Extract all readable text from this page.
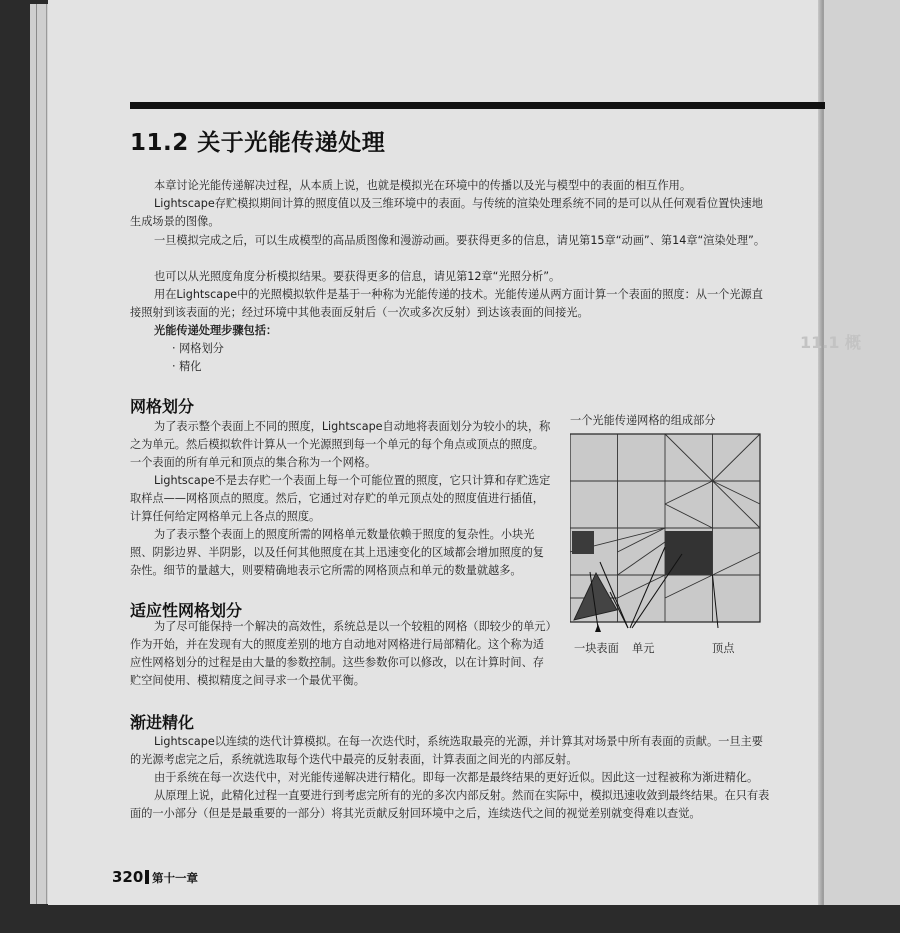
11.1 概
11.2 关于光能传递处理

本章讨论光能传递解决过程，从本质上说，也就是模拟光在环境中的传播以及光与模型中的表面的相互作用。

Lightscape存贮模拟期间计算的照度值以及三维环境中的表面。与传统的渲染处理系统不同的是可以从任何观看位置快速地生成场景的图像。

一旦模拟完成之后，可以生成模型的高品质图像和漫游动画。要获得更多的信息，请见第15章“动画”、第14章“渲染处理”。

也可以从光照度角度分析模拟结果。要获得更多的信息，请见第12章“光照分析”。

用在Lightscape中的光照模拟软件是基于一种称为光能传递的技术。光能传递从两方面计算一个表面的照度：从一个光源直接照射到该表面的光；经过环境中其他表面反射后（一次或多次反射）到达该表面的间接光。

光能传递处理步骤包括：

· 网格划分

· 精化

网格划分

为了表示整个表面上不同的照度，Lightscape自动地将表面划分为较小的块，称之为单元。然后模拟软件计算从一个光源照到每一个单元的每个角点或顶点的照度。一个表面的所有单元和顶点的集合称为一个网格。

Lightscape不是去存贮一个表面上每一个可能位置的照度，它只计算和存贮选定取样点——网格顶点的照度。然后，它通过对存贮的单元顶点处的照度值进行插值，计算任何给定网格单元上各点的照度。

为了表示整个表面上的照度所需的网格单元数量依赖于照度的复杂性。小块光照、阴影边界、半阴影，以及任何其他照度在其上迅速变化的区域都会增加照度的复杂性。细节的量越大，则要精确地表示它所需的网格顶点和单元的数量就越多。

一个光能传递网格的组成部分
一块表面 单元	顶点
适应性网格划分

为了尽可能保持一个解决的高效性，系统总是以一个较粗的网格（即较少的单元）作为开始，并在发现有大的照度差别的地方自动地对网格进行局部精化。这个称为适应性网格划分的过程是由大量的参数控制。这些参数你可以修改，以在计算时间、存贮空间使用、模拟精度之间寻求一个最优平衡。

渐进精化

Lightscape以连续的迭代计算模拟。在每一次迭代时，系统选取最亮的光源，并计算其对场景中所有表面的贡献。一旦主要的光源考虑完之后，系统就选取每个迭代中最亮的反射表面，计算表面之间光的内部反射。

由于系统在每一次迭代中，对光能传递解决进行精化。即每一次都是最终结果的更好近似。因此这一过程被称为渐进精化。

从原理上说，此精化过程一直要进行到考虑完所有的光的多次内部反射。然而在实际中，模拟迅速收敛到最终结果。在只有表面的一小部分（但是是最重要的一部分）将其光贡献反射回环境中之后，连续迭代之间的视觉差别就变得难以查觉。

320 第十一章
